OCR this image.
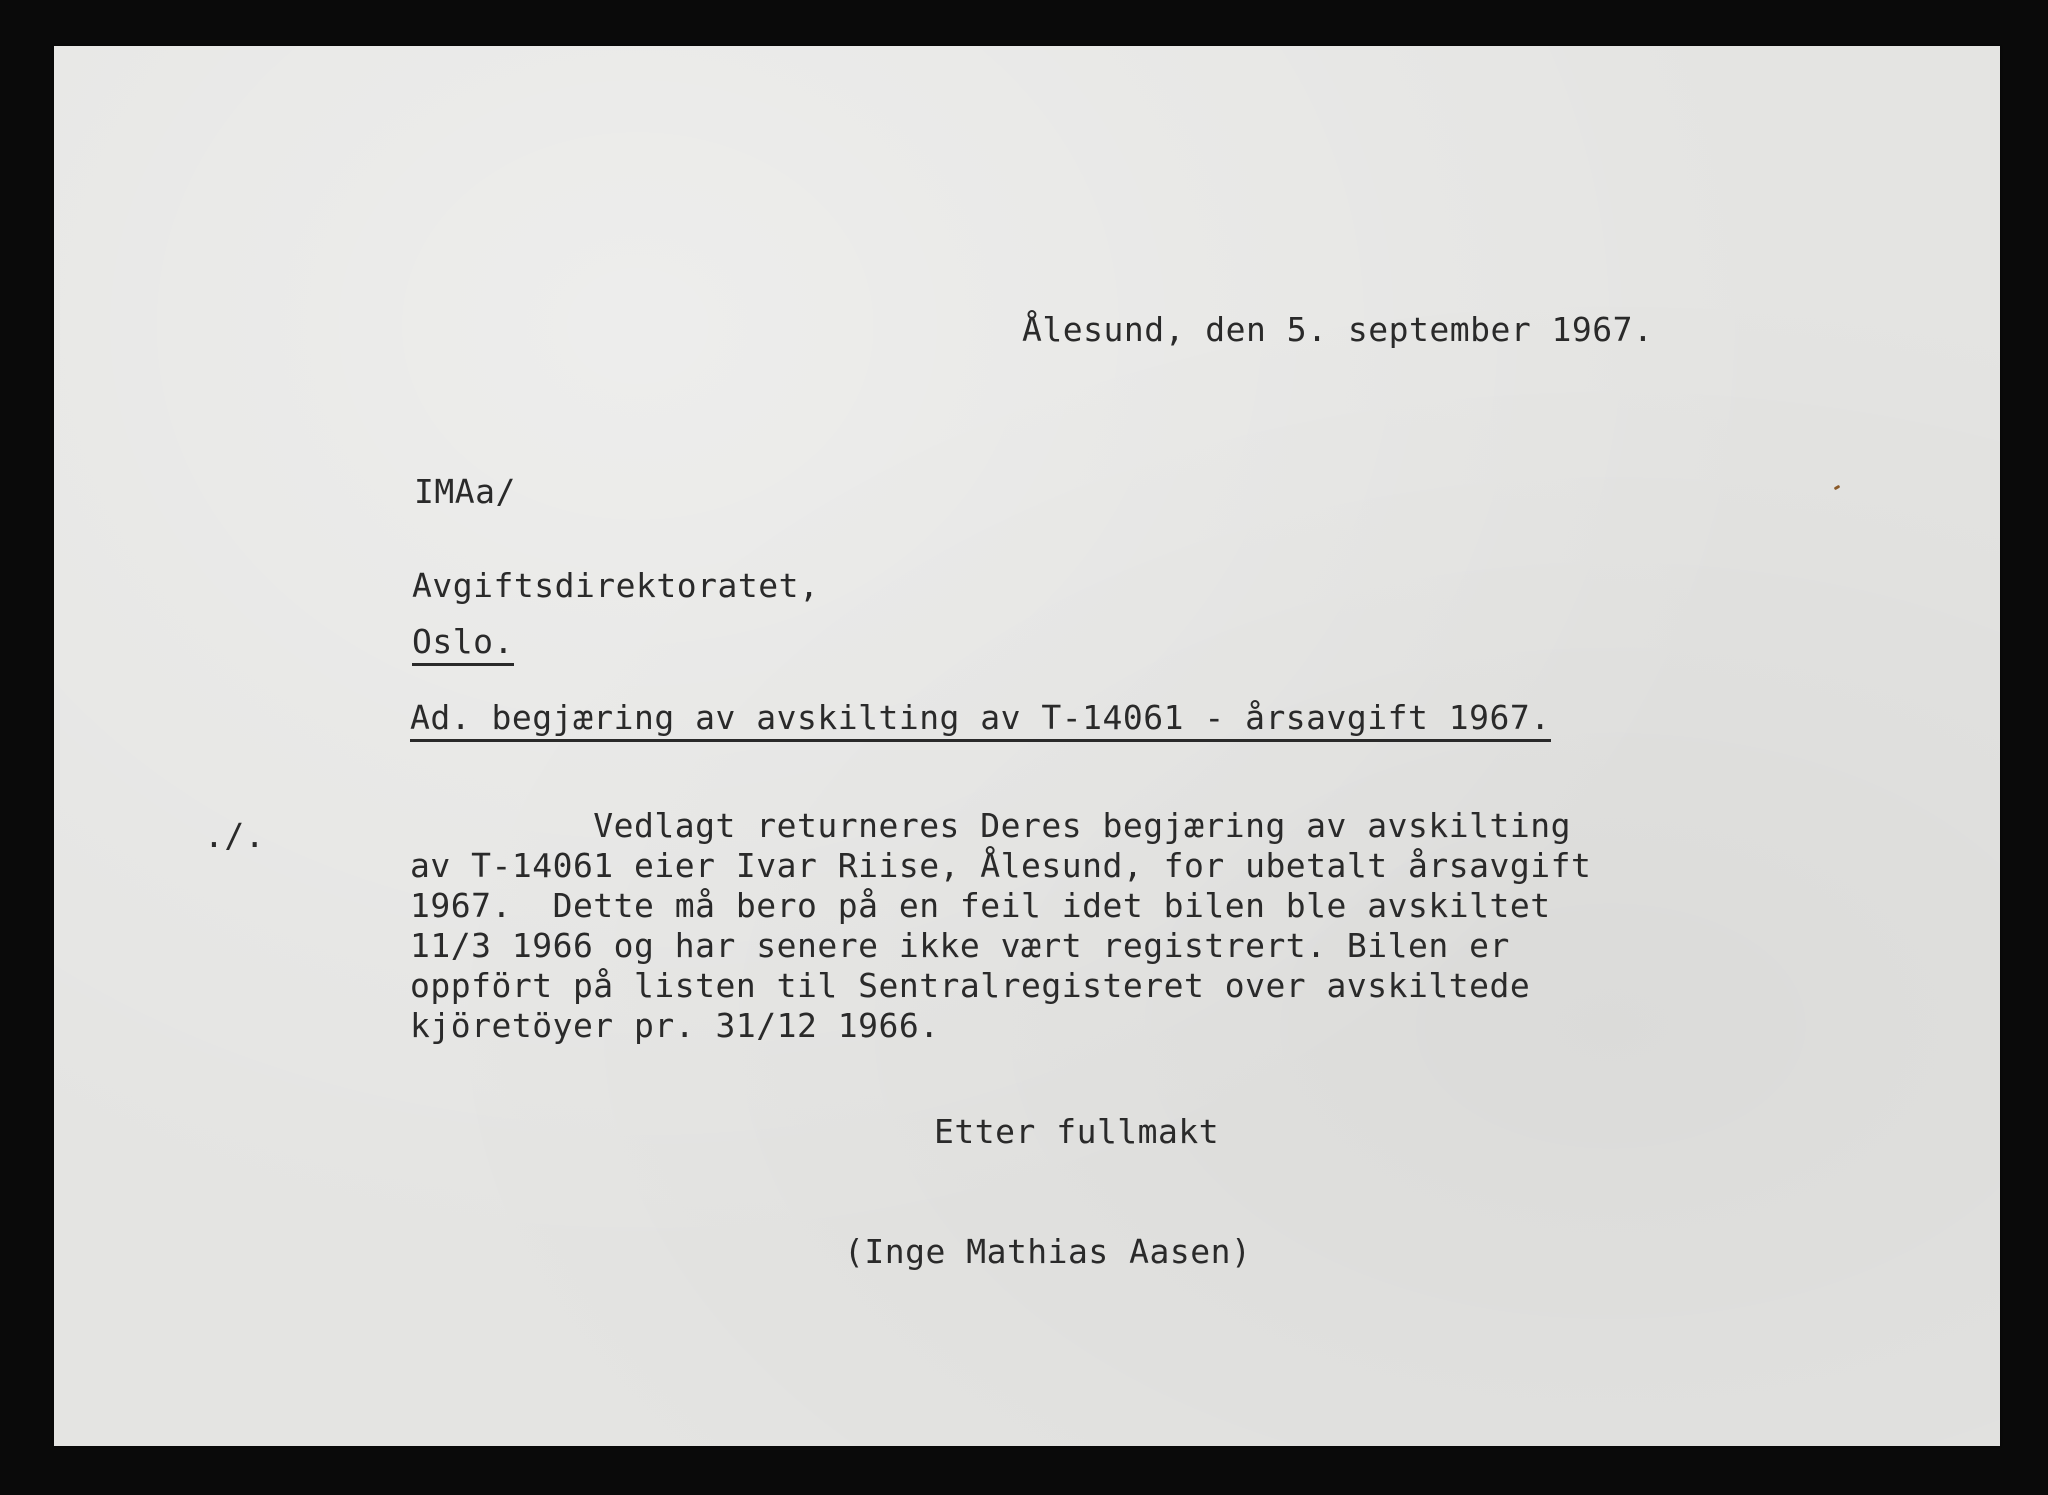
Ålesund, den 5. september 1967.
IMAa/
Avgiftsdirektoratet,
Oslo.
Ad. begjæring av avskilting av T-14061 - årsavgift 1967.
./.	Vedlagt returneres Deres begjæring av avskilting
av T-14061 eier Ivar Riise, Ålesund, for ubetalt årsavgift
1967.  Dette må bero på en feil idet bilen ble avskiltet
11/3 1966 og har senere ikke vært registrert. Bilen er
oppfört på listen til Sentralregisteret over avskiltede
kjöretöyer pr. 31/12 1966.
Etter fullmakt
(Inge Mathias Aasen)
